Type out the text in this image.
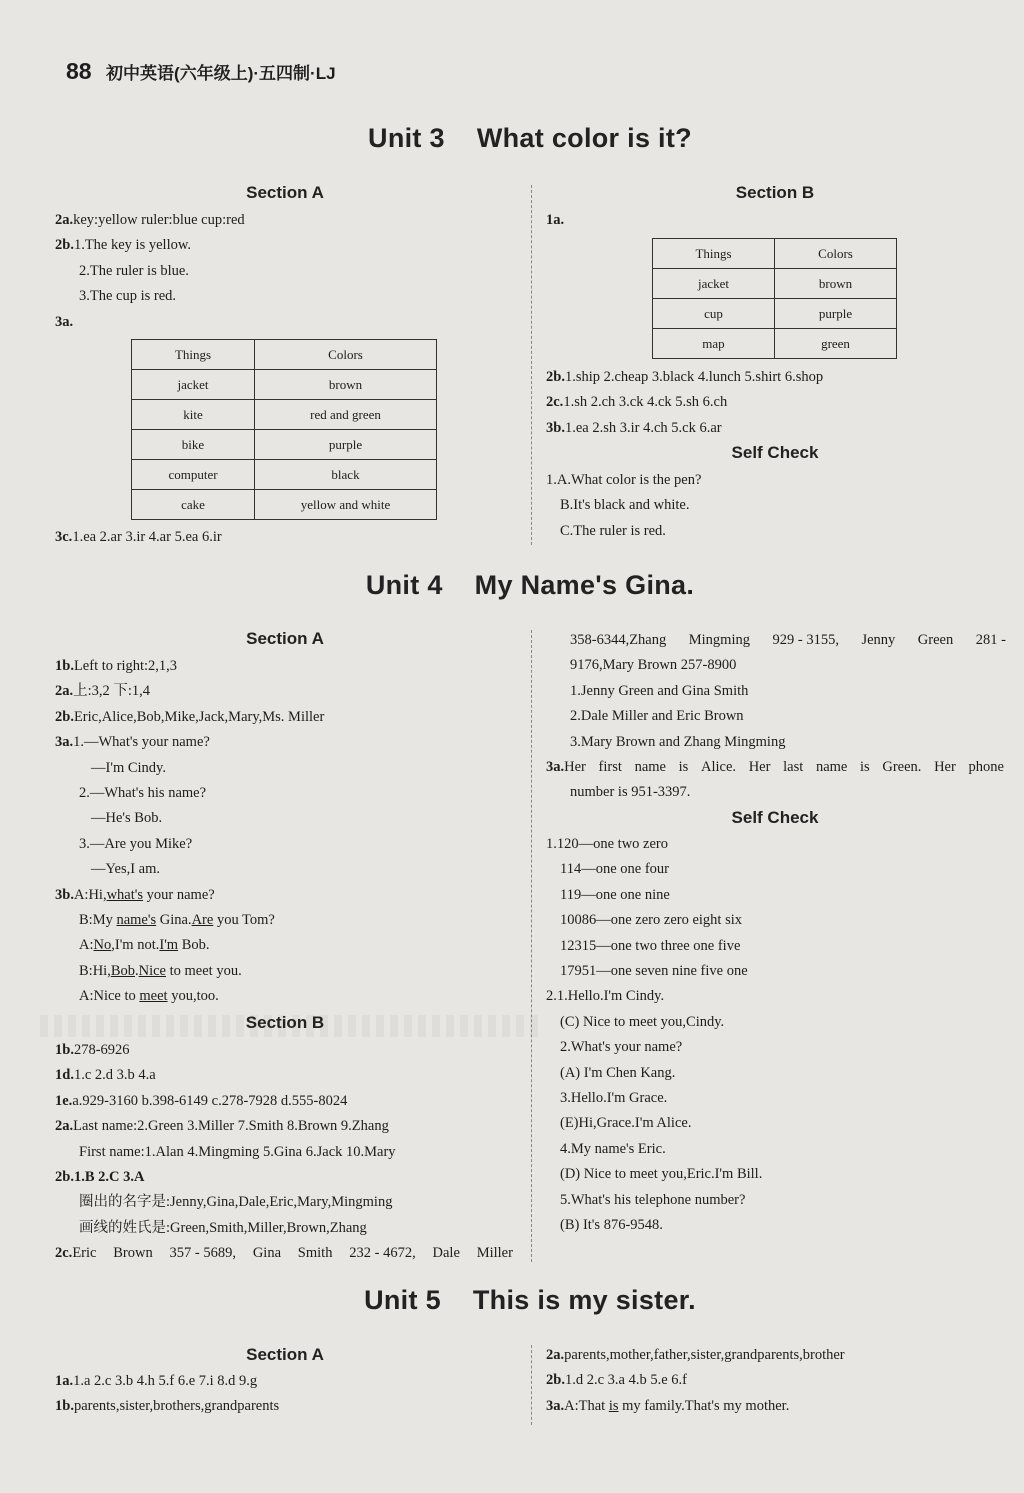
88 初中英语(六年级上)·五四制·LJ
Unit 3 What color is it?
Section A

2a.key:yellow ruler:blue cup:red

2b.1.The key is yellow.

2.The ruler is blue.

3.The cup is red.

3a.

Things	Colors
jacket	brown
kite	red and green
bike	purple
computer	black
cake	yellow and white

3c.1.ea 2.ar 3.ir 4.ar 5.ea 6.ir

Section B

1a.

Things	Colors
jacket	brown
cup	purple
map	green

2b.1.ship 2.cheap 3.black 4.lunch 5.shirt 6.shop

2c.1.sh 2.ch 3.ck 4.ck 5.sh 6.ch

3b.1.ea 2.sh 3.ir 4.ch 5.ck 6.ar

Self Check

1.A.What color is the pen?

B.It's black and white.

C.The ruler is red.

Unit 4 My Name's Gina.
Section A

1b.Left to right:2,1,3

2a.上:3,2 下:1,4

2b.Eric,Alice,Bob,Mike,Jack,Mary,Ms. Miller

3a.1.—What's your name?

—I'm Cindy.

2.—What's his name?

—He's Bob.

3.—Are you Mike?

—Yes,I am.

3b.A:Hi,what's your name?

B:My name's Gina.Are you Tom?

A:No,I'm not.I'm Bob.

B:Hi,Bob.Nice to meet you.

A:Nice to meet you,too.

Section B

1b.278-6926

1d.1.c 2.d 3.b 4.a

1e.a.929-3160 b.398-6149 c.278-7928 d.555-8024

2a.Last name:2.Green 3.Miller 7.Smith 8.Brown 9.Zhang

First name:1.Alan 4.Mingming 5.Gina 6.Jack 10.Mary

2b.1.B 2.C 3.A

圈出的名字是:Jenny,Gina,Dale,Eric,Mary,Mingming

画线的姓氏是:Green,Smith,Miller,Brown,Zhang

2c.Eric Brown 357 - 5689, Gina Smith 232 - 4672, Dale Miller

358-6344,Zhang Mingming 929 - 3155, Jenny Green 281 -

9176,Mary Brown 257-8900

1.Jenny Green and Gina Smith

2.Dale Miller and Eric Brown

3.Mary Brown and Zhang Mingming

3a.Her first name is Alice. Her last name is Green. Her phone

number is 951-3397.

Self Check

1.120—one two zero

114—one one four

119—one one nine

10086—one zero zero eight six

12315—one two three one five

17951—one seven nine five one

2.1.Hello.I'm Cindy.

(C) Nice to meet you,Cindy.

2.What's your name?

(A) I'm Chen Kang.

3.Hello.I'm Grace.

(E)Hi,Grace.I'm Alice.

4.My name's Eric.

(D) Nice to meet you,Eric.I'm Bill.

5.What's his telephone number?

(B) It's 876-9548.

Unit 5 This is my sister.
Section A

1a.1.a 2.c 3.b 4.h 5.f 6.e 7.i 8.d 9.g

1b.parents,sister,brothers,grandparents

2a.parents,mother,father,sister,grandparents,brother

2b.1.d 2.c 3.a 4.b 5.e 6.f

3a.A:That is my family.That's my mother.
